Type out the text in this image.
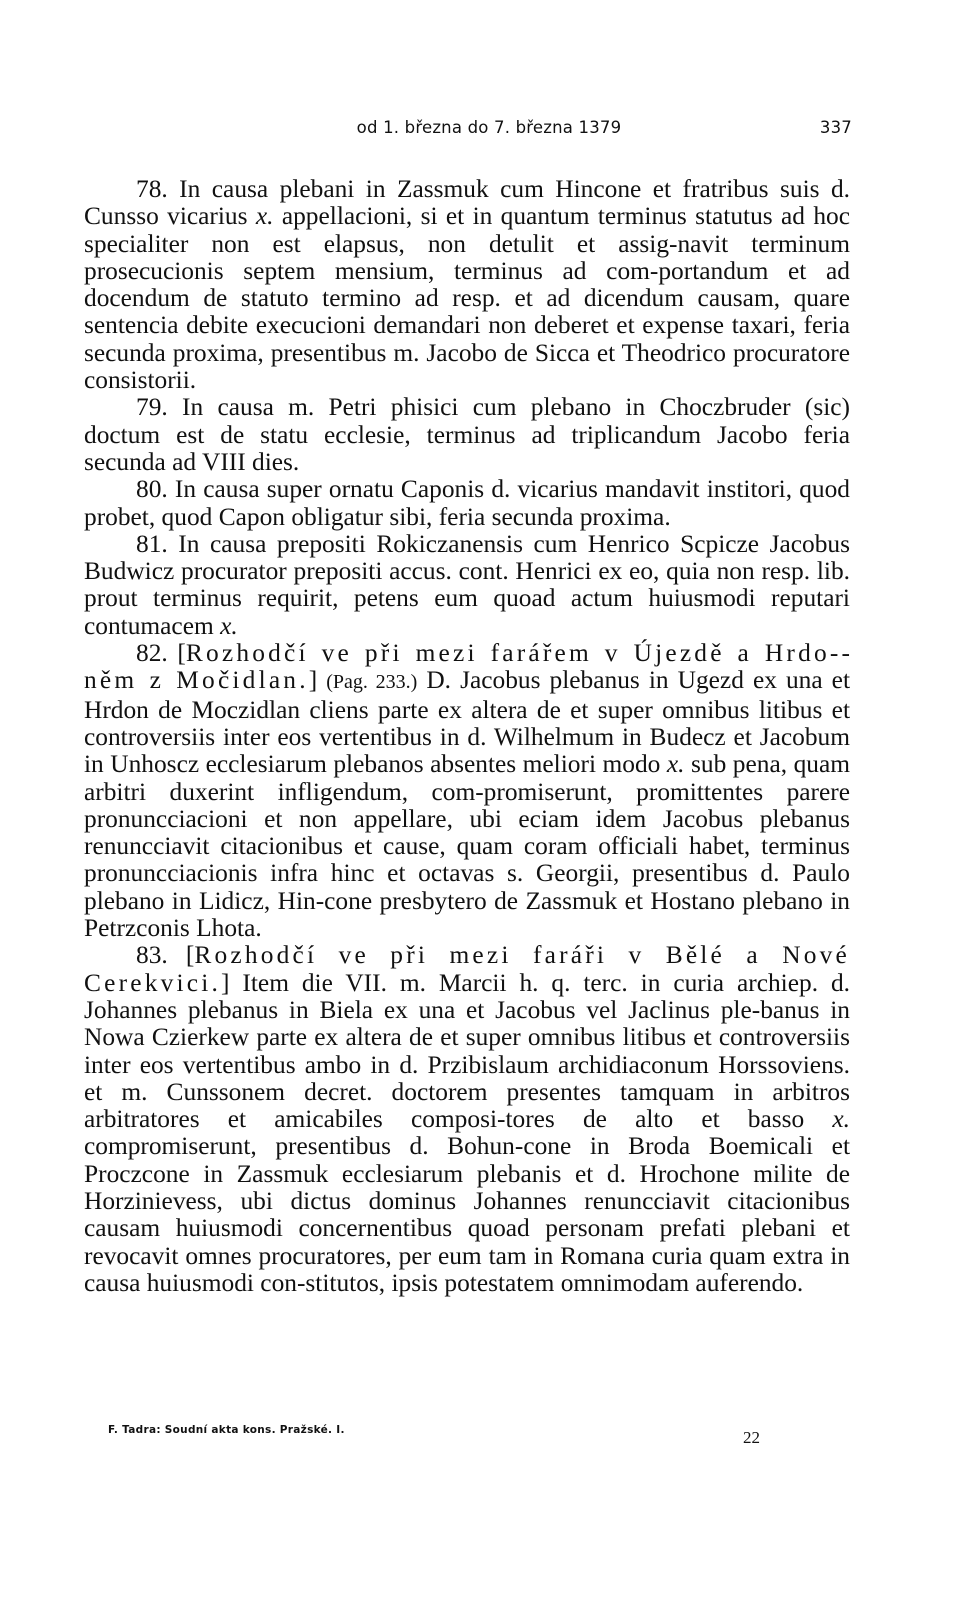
od 1. března do 7. března 1379	337

78. In causa plebani in Zassmuk cum Hincone et fratribus suis d. Cunsso vicarius x. appellacioni, si et in quantum terminus statutus ad hoc specialiter non est elapsus, non detulit et assig-navit terminum prosecucionis septem mensium, terminus ad com-portandum et ad docendum de statuto termino ad resp. et ad dicendum causam, quare sentencia debite execucioni demandari non deberet et expense taxari, feria secunda proxima, presentibus m. Jacobo de Sicca et Theodrico procuratore consistorii.

79. In causa m. Petri phisici cum plebano in Choczbruder (sic) doctum est de statu ecclesie, terminus ad triplicandum Jacobo feria secunda ad VIII dies.

80. In causa super ornatu Caponis d. vicarius mandavit institori, quod probet, quod Capon obligatur sibi, feria secunda proxima.

81. In causa prepositi Rokiczanensis cum Henrico Scpicze Jacobus Budwicz procurator prepositi accus. cont. Henrici ex eo, quia non resp. lib. prout terminus requirit, petens eum quoad actum huiusmodi reputari contumacem x.

82. [Rozhodčí ve při mezi farářem v Újezdě a Hrdo-něm z Močidlan.] (Pag. 233.) D. Jacobus plebanus in Ugezd ex una et Hrdon de Moczidlan cliens parte ex altera de et super omnibus litibus et controversiis inter eos vertentibus in d. Wilhelmum in Budecz et Jacobum in Unhoscz ecclesiarum plebanos absentes meliori modo x. sub pena, quam arbitri duxerint infligendum, com-promiserunt, promittentes parere pronuncciacioni et non appellare, ubi eciam idem Jacobus plebanus renuncciavit citacionibus et cause, quam coram officiali habet, terminus pronuncciacionis infra hinc et octavas s. Georgii, presentibus d. Paulo plebano in Lidicz, Hin-cone presbytero de Zassmuk et Hostano plebano in Petrzconis Lhota.

83. [Rozhodčí ve při mezi faráři v Bělé a Nové Cerekvici.] Item die VII. m. Marcii h. q. terc. in curia archiep. d. Johannes plebanus in Biela ex una et Jacobus vel Jaclinus ple-banus in Nowa Czierkew parte ex altera de et super omnibus litibus et controversiis inter eos vertentibus ambo in d. Przibislaum archidiaconum Horssoviens. et m. Cunssonem decret. doctorem presentes tamquam in arbitros arbitratores et amicabiles composi-tores de alto et basso x. compromiserunt, presentibus d. Bohun-cone in Broda Boemicali et Proczcone in Zassmuk ecclesiarum plebanis et d. Hrochone milite de Horzinievess, ubi dictus dominus Johannes renuncciavit citacionibus causam huiusmodi concernentibus quoad personam prefati plebani et revocavit omnes procuratores, per eum tam in Romana curia quam extra in causa huiusmodi con-stitutos, ipsis potestatem omnimodam auferendo.

F. Tadra: Soudní akta kons. Pražské. I.	22
